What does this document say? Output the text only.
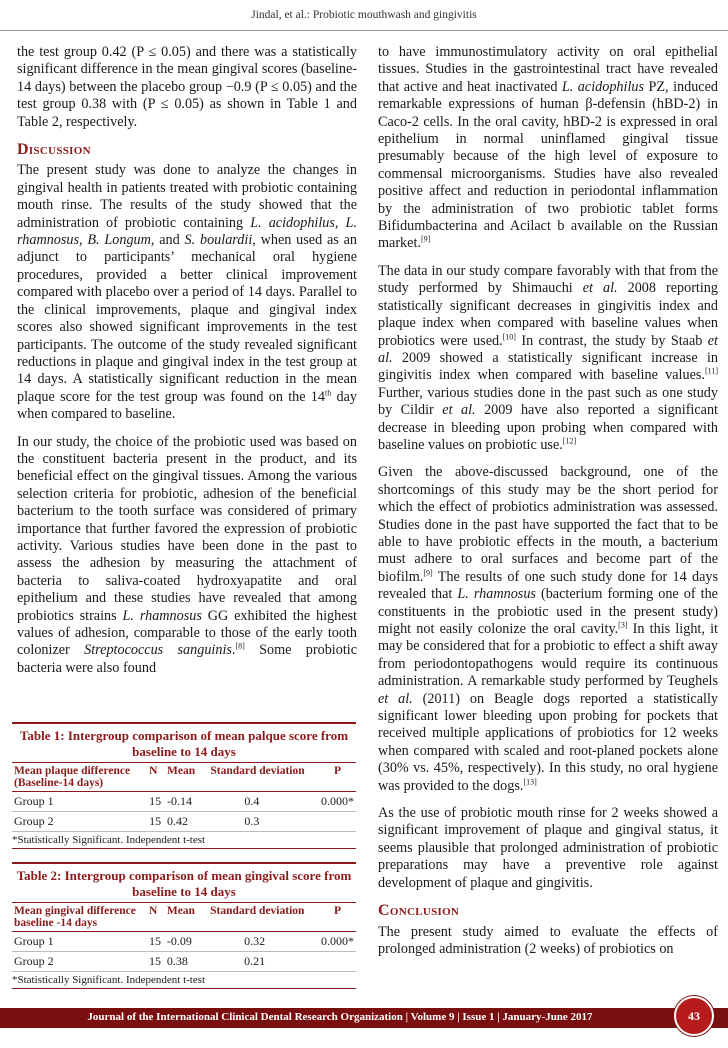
Jindal, et al.: Probiotic mouthwash and gingivitis

the test group 0.42 (P ≤ 0.05) and there was a statistically significant difference in the mean gingival scores (baseline-14 days) between the placebo group −0.9 (P ≤ 0.05) and the test group 0.38 with (P ≤ 0.05) as shown in Table 1 and Table 2, respectively.

Discussion

The present study was done to analyze the changes in gingival health in patients treated with probiotic containing mouth rinse. The results of the study showed that the administration of probiotic containing L. acidophilus, L. rhamnosus, B. Longum, and S. boulardii, when used as an adjunct to participants’ mechanical oral hygiene procedures, provided a better clinical improvement compared with placebo over a period of 14 days. Parallel to the clinical improvements, plaque and gingival index scores also showed significant improvements in the test participants. The outcome of the study revealed significant reductions in plaque and gingival index in the test group at 14 days. A statistically significant reduction in the mean plaque score for the test group was found on the 14th day when compared to baseline.

In our study, the choice of the probiotic used was based on the constituent bacteria present in the product, and its beneficial effect on the gingival tissues. Among the various selection criteria for probiotic, adhesion of the beneficial bacterium to the tooth surface was considered of primary importance that further favored the expression of probiotic activity. Various studies have been done in the past to assess the adhesion by measuring the attachment of bacteria to saliva-coated hydroxyapatite and oral epithelium and these studies have revealed that among probiotics strains L. rhamnosus GG exhibited the highest values of adhesion, comparable to those of the early tooth colonizer Streptococcus sanguinis.[8] Some probiotic bacteria were also found

Table 1: Intergroup comparison of mean palque score from baseline to 14 days
Mean plaque difference (Baseline-14 days)	N	Mean	Standard deviation	P
Group 1	15	-0.14	0.4	0.000*
Group 2	15	0.42	0.3	
*Statistically Significant. Independent t-test
Table 2: Intergroup comparison of mean gingival score from baseline to 14 days
Mean gingival difference baseline -14 days	N	Mean	Standard deviation	P
Group 1	15	-0.09	0.32	0.000*
Group 2	15	0.38	0.21	
*Statistically Significant. Independent t-test

to have immunostimulatory activity on oral epithelial tissues. Studies in the gastrointestinal tract have revealed that active and heat inactivated L. acidophilus PZ, induced remarkable expressions of human β-defensin (hBD-2) in Caco-2 cells. In the oral cavity, hBD-2 is expressed in oral epithelium in normal uninflamed gingival tissue presumably because of the high level of exposure to commensal microorganisms. Studies have also revealed positive affect and reduction in periodontal inflammation by the administration of two probiotic tablet forms Bifidumbacterina and Acilact b available on the Russian market.[9]

The data in our study compare favorably with that from the study performed by Shimauchi et al. 2008 reporting statistically significant decreases in gingivitis index and plaque index when compared with baseline values when probiotics were used.[10] In contrast, the study by Staab et al. 2009 showed a statistically significant increase in gingivitis index when compared with baseline values.[11] Further, various studies done in the past such as one study by Cildir et al. 2009 have also reported a significant decrease in bleeding upon probing when compared with baseline values on probiotic use.[12]

Given the above-discussed background, one of the shortcomings of this study may be the short period for which the effect of probiotics administration was assessed. Studies done in the past have supported the fact that to be able to have probiotic effects in the mouth, a bacterium must adhere to oral surfaces and become part of the biofilm.[9] The results of one such study done for 14 days revealed that L. rhamnosus (bacterium forming one of the constituents in the probiotic used in the present study) might not easily colonize the oral cavity.[3] In this light, it may be considered that for a probiotic to effect a shift away from periodontopathogens would require its continuous administration. A remarkable study performed by Teughels et al. (2011) on Beagle dogs reported a statistically significant lower bleeding upon probing for pockets that received multiple applications of probiotics for 12 weeks when compared with scaled and root-planed pockets alone (30% vs. 45%, respectively). In this study, no oral hygiene was provided to the dogs.[13]

As the use of probiotic mouth rinse for 2 weeks showed a significant improvement of plaque and gingival status, it seems plausible that prolonged administration of probiotic preparations may have a preventive role against development of plaque and gingivitis.

Conclusion

The present study aimed to evaluate the effects of prolonged administration (2 weeks) of probiotics on

Journal of the International Clinical Dental Research Organization | Volume 9 | Issue 1 | January-June 2017	43
